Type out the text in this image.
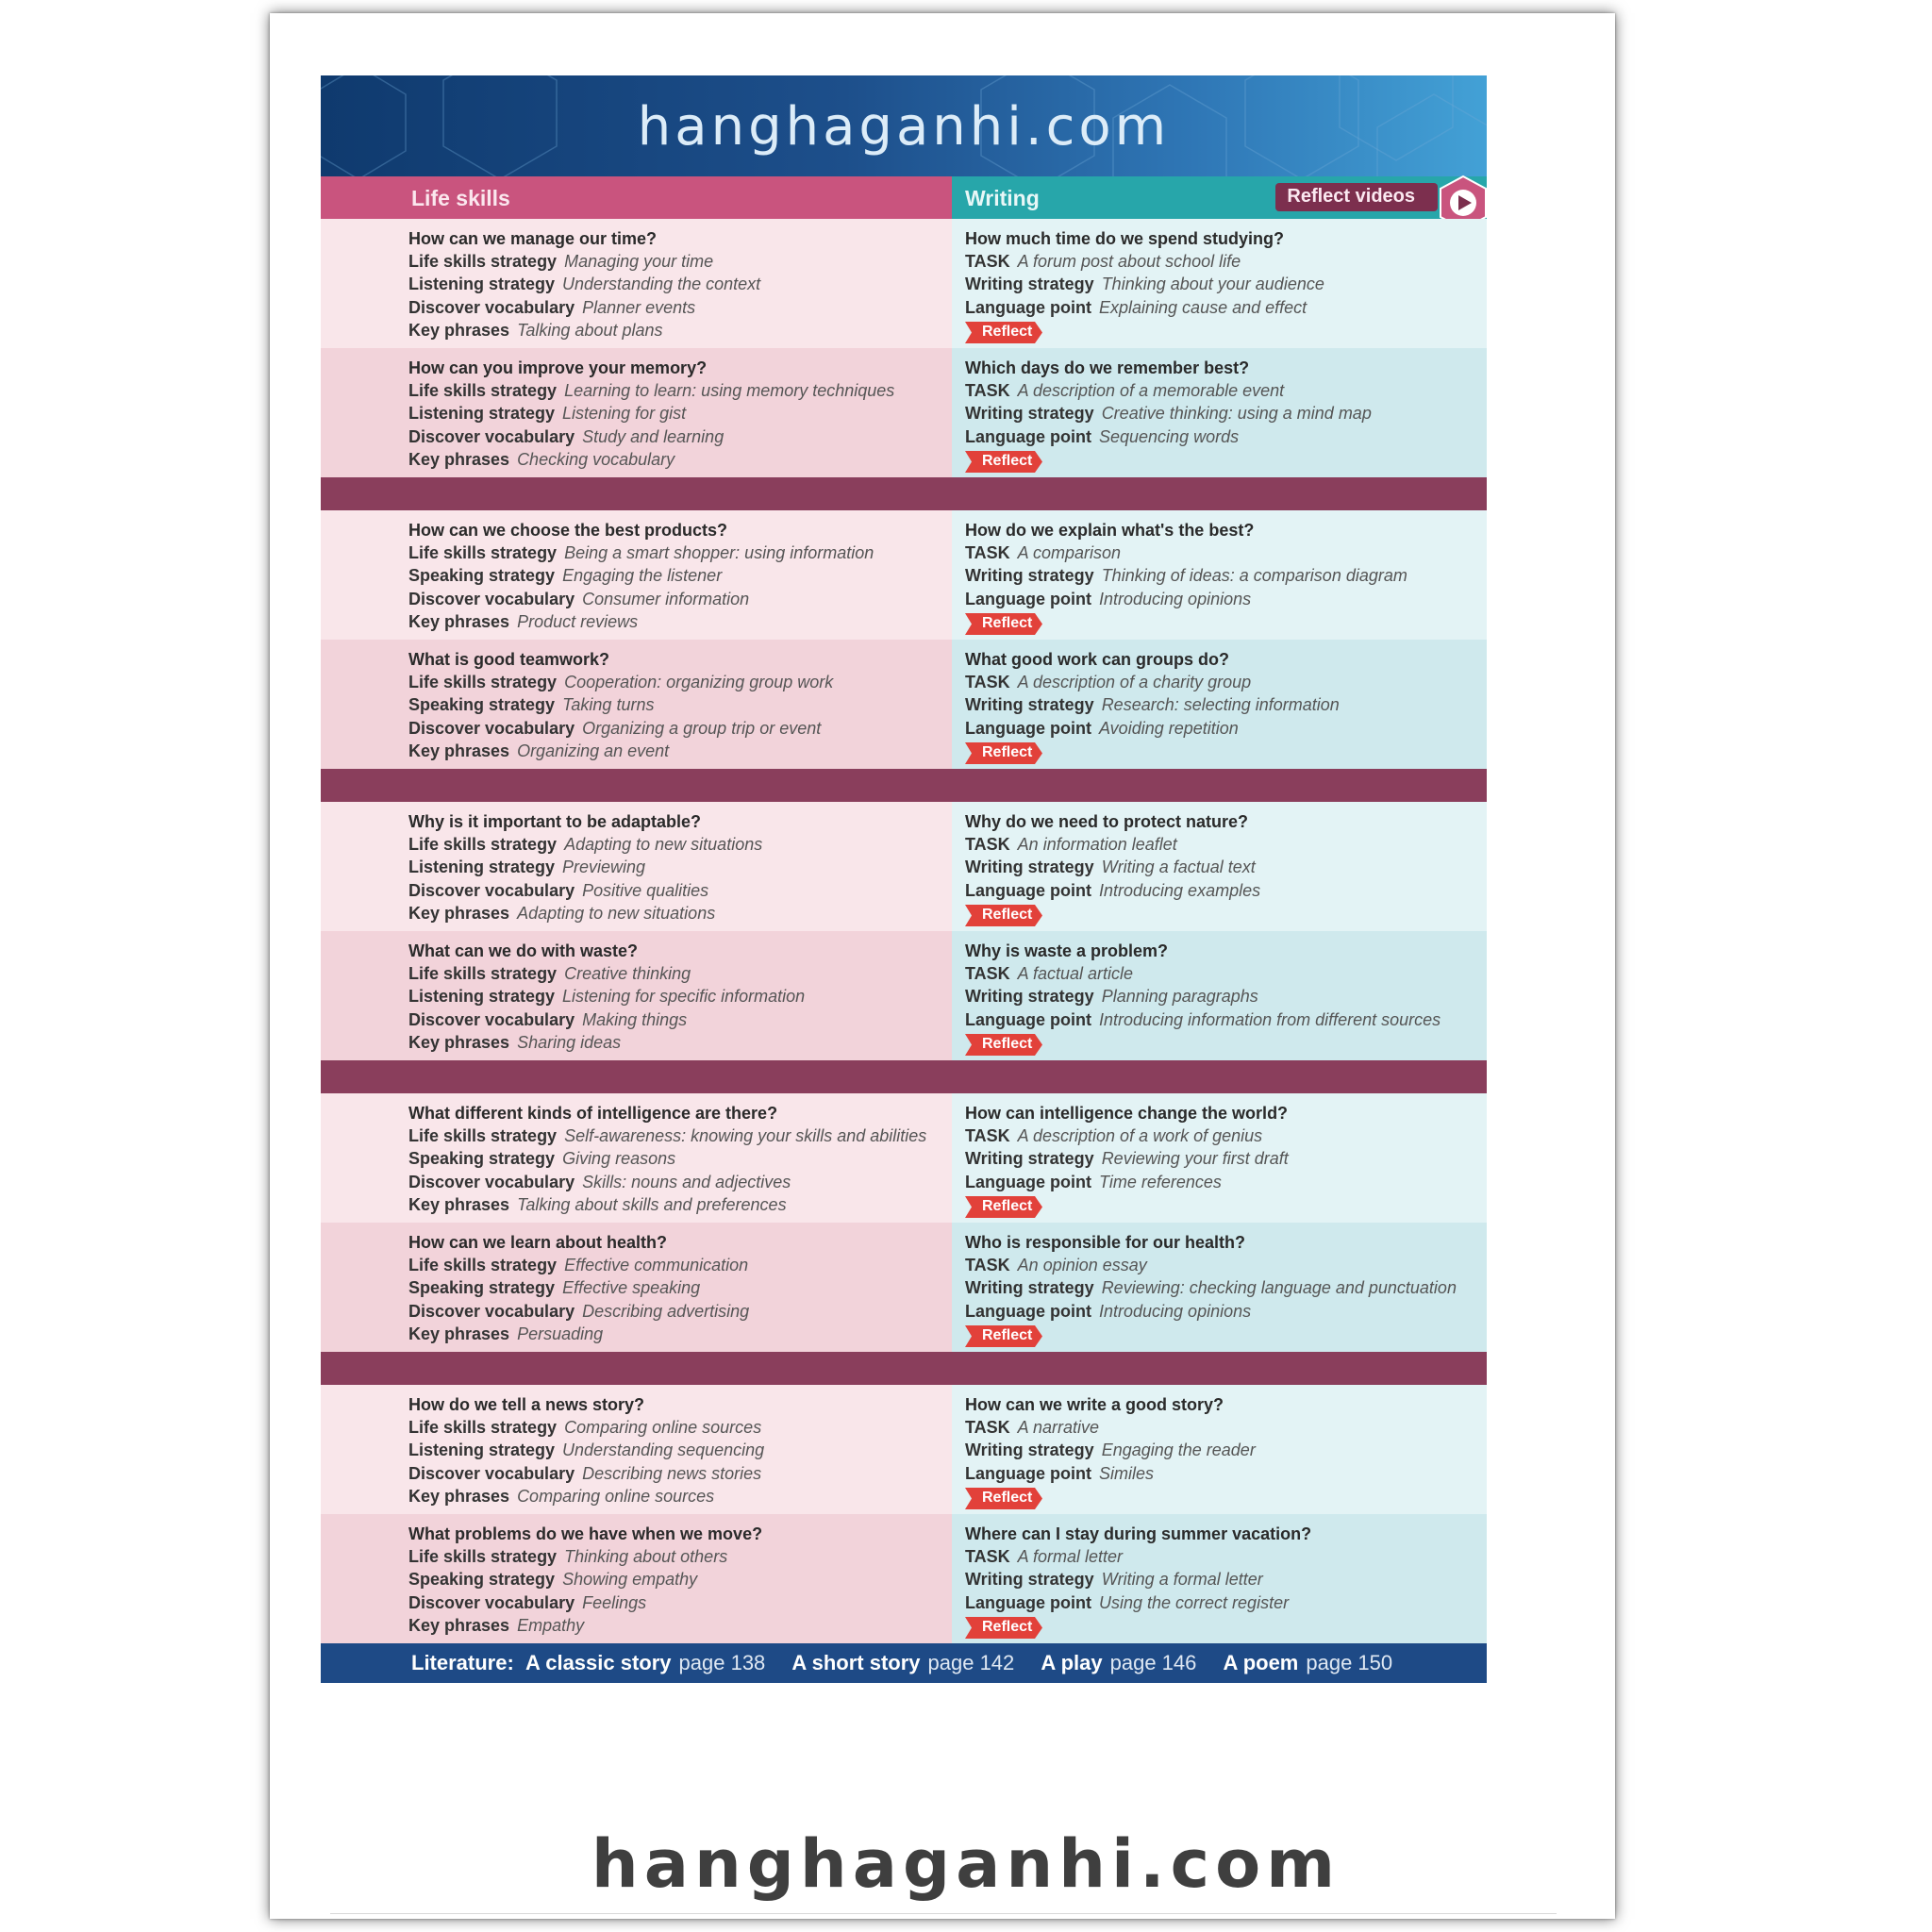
hanghaganhi.com
Life skills	Writing	Reflect videos
How can we manage our time?
Life skills strategy Managing your time
Listening strategy Understanding the context
Discover vocabulary Planner events
Key phrases Talking about plans
How much time do we spend studying?
TASK A forum post about school life
Writing strategy Thinking about your audience
Language point Explaining cause and effect
Reflect
How can you improve your memory?
Life skills strategy Learning to learn: using memory techniques
Listening strategy Listening for gist
Discover vocabulary Study and learning
Key phrases Checking vocabulary
Which days do we remember best?
TASK A description of a memorable event
Writing strategy Creative thinking: using a mind map
Language point Sequencing words
Reflect
How can we choose the best products?
Life skills strategy Being a smart shopper: using information
Speaking strategy Engaging the listener
Discover vocabulary Consumer information
Key phrases Product reviews
How do we explain what's the best?
TASK A comparison
Writing strategy Thinking of ideas: a comparison diagram
Language point Introducing opinions
Reflect
What is good teamwork?
Life skills strategy Cooperation: organizing group work
Speaking strategy Taking turns
Discover vocabulary Organizing a group trip or event
Key phrases Organizing an event
What good work can groups do?
TASK A description of a charity group
Writing strategy Research: selecting information
Language point Avoiding repetition
Reflect
Why is it important to be adaptable?
Life skills strategy Adapting to new situations
Listening strategy Previewing
Discover vocabulary Positive qualities
Key phrases Adapting to new situations
Why do we need to protect nature?
TASK An information leaflet
Writing strategy Writing a factual text
Language point Introducing examples
Reflect
What can we do with waste?
Life skills strategy Creative thinking
Listening strategy Listening for specific information
Discover vocabulary Making things
Key phrases Sharing ideas
Why is waste a problem?
TASK A factual article
Writing strategy Planning paragraphs
Language point Introducing information from different sources
Reflect
What different kinds of intelligence are there?
Life skills strategy Self-awareness: knowing your skills and abilities
Speaking strategy Giving reasons
Discover vocabulary Skills: nouns and adjectives
Key phrases Talking about skills and preferences
How can intelligence change the world?
TASK A description of a work of genius
Writing strategy Reviewing your first draft
Language point Time references
Reflect
How can we learn about health?
Life skills strategy Effective communication
Speaking strategy Effective speaking
Discover vocabulary Describing advertising
Key phrases Persuading
Who is responsible for our health?
TASK An opinion essay
Writing strategy Reviewing: checking language and punctuation
Language point Introducing opinions
Reflect
How do we tell a news story?
Life skills strategy Comparing online sources
Listening strategy Understanding sequencing
Discover vocabulary Describing news stories
Key phrases Comparing online sources
How can we write a good story?
TASK A narrative
Writing strategy Engaging the reader
Language point Similes
Reflect
What problems do we have when we move?
Life skills strategy Thinking about others
Speaking strategy Showing empathy
Discover vocabulary Feelings
Key phrases Empathy
Where can I stay during summer vacation?
TASK A formal letter
Writing strategy Writing a formal letter
Language point Using the correct register
Reflect
Literature: A classic story page 138 A short story page 142 A play page 146 A poem page 150
hanghaganhi.com
